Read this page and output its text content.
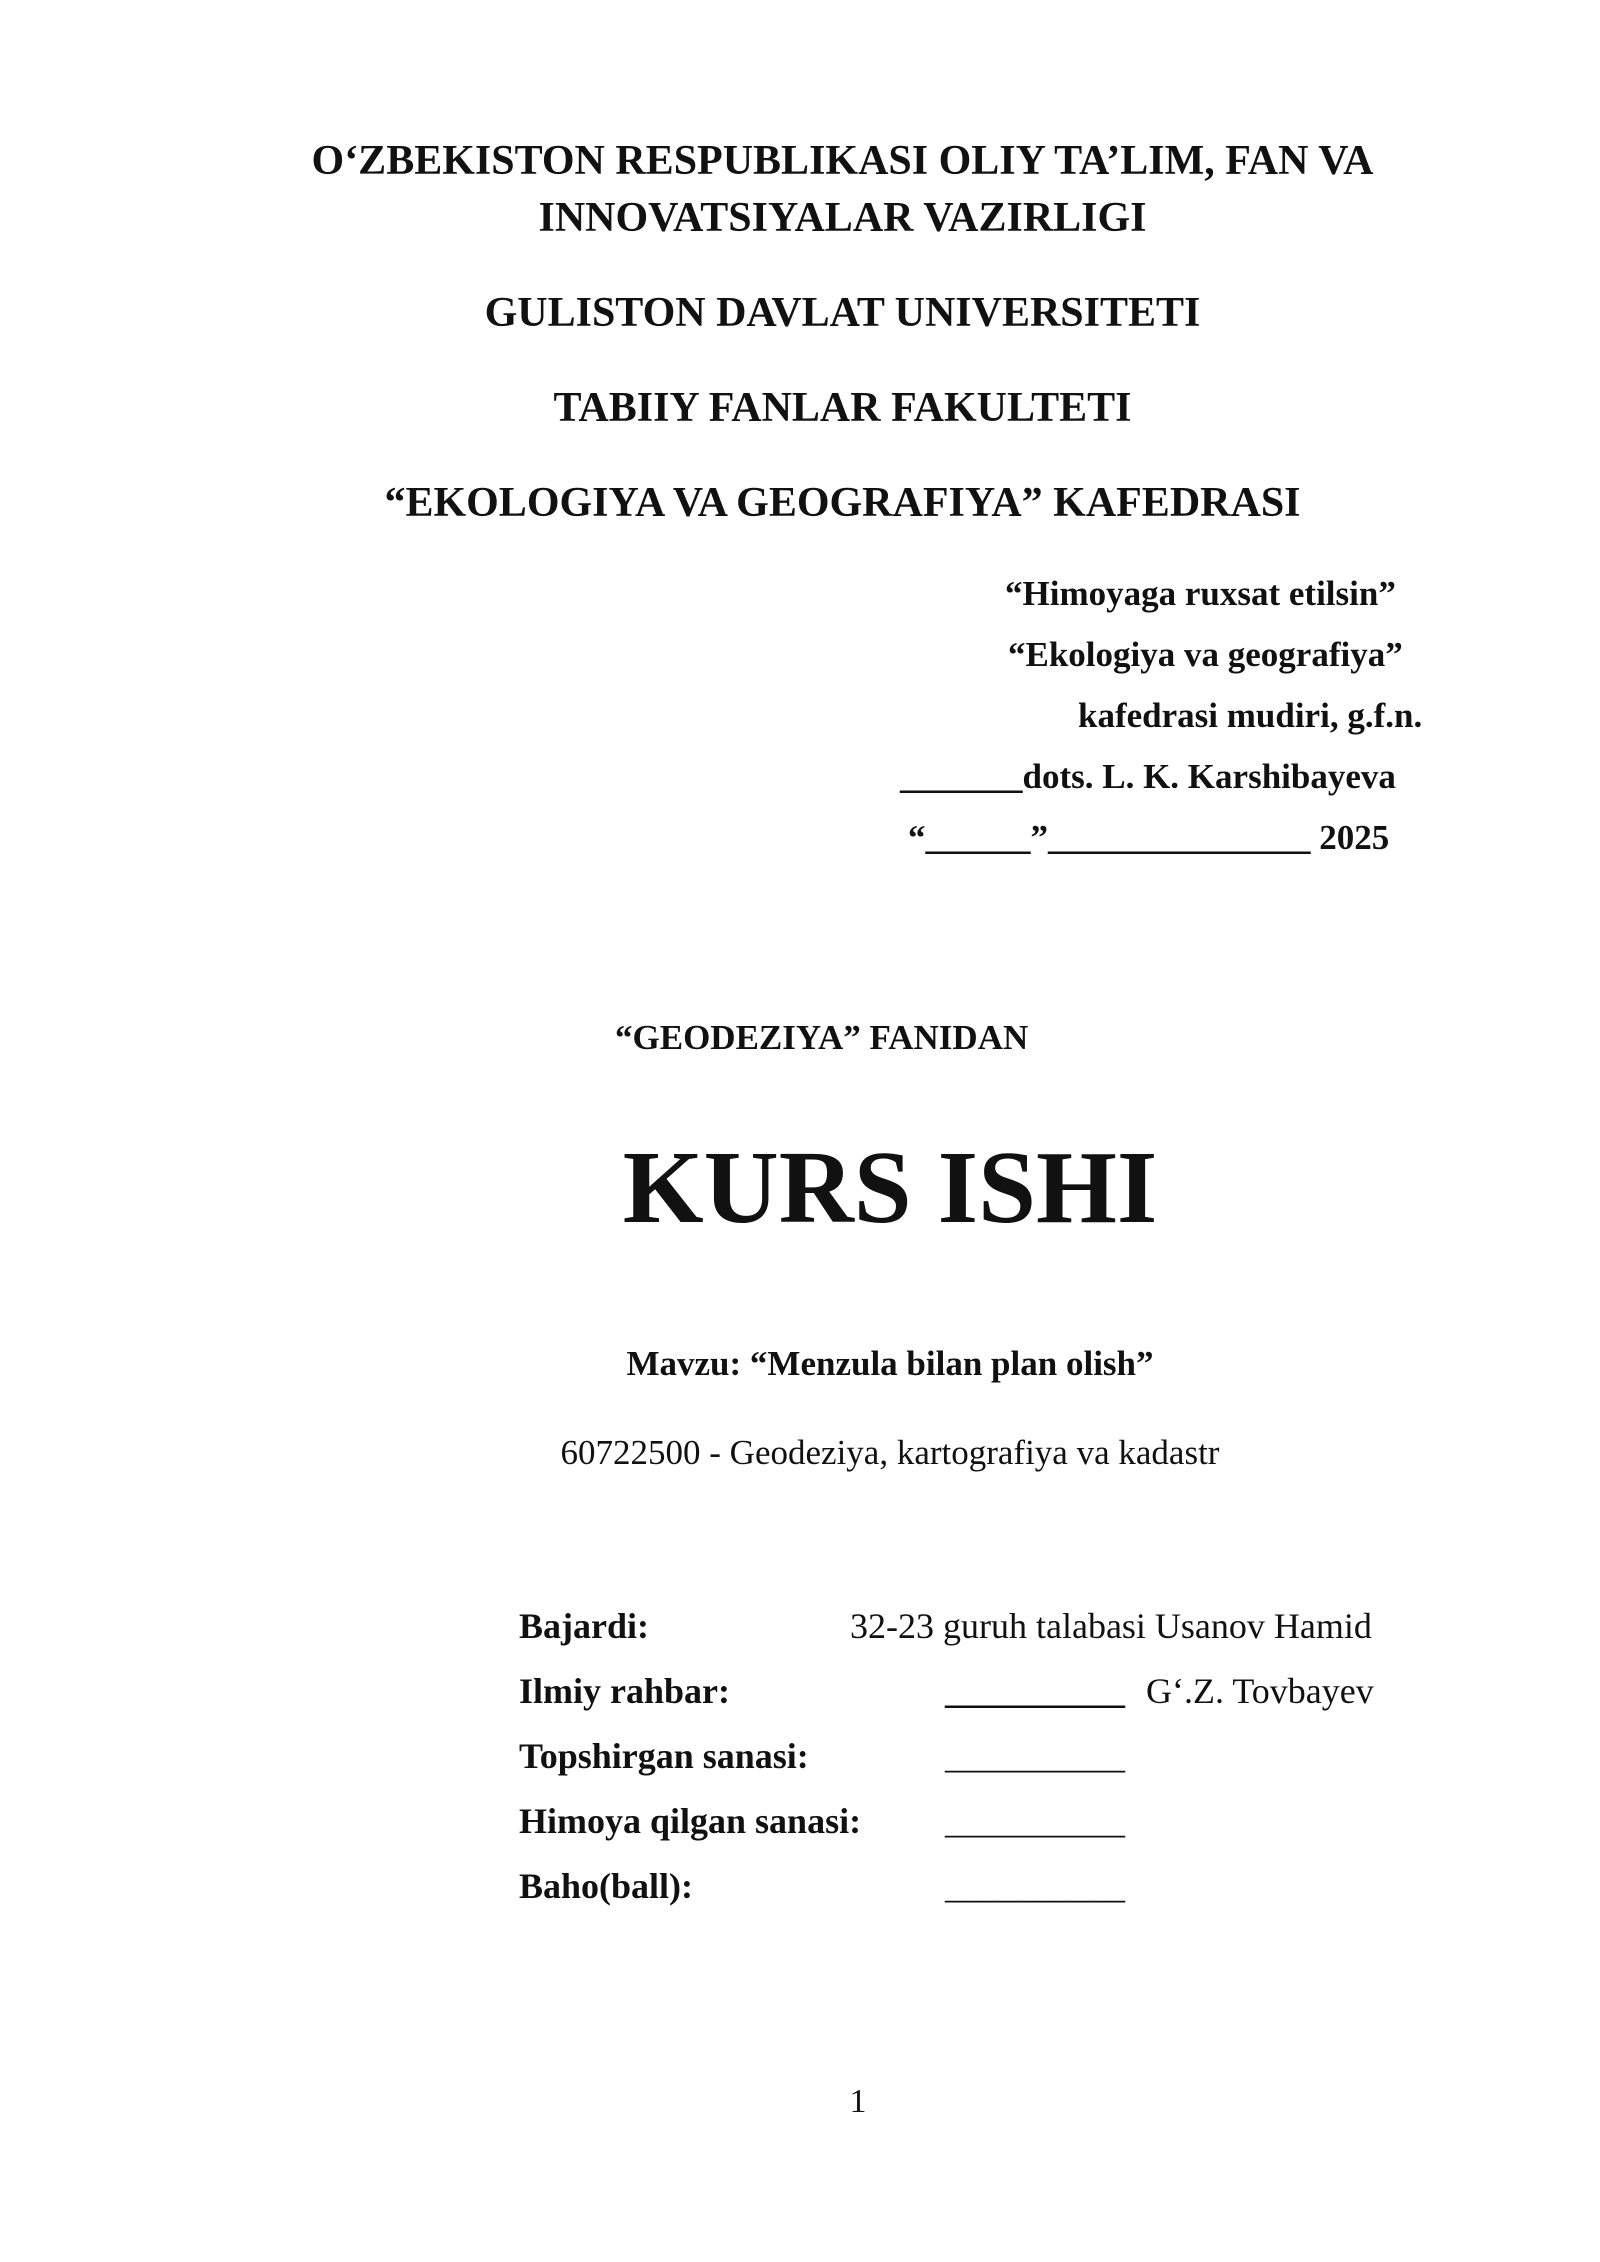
O‘ZBEKISTON RESPUBLIKASI OLIY TA’LIM, FAN VA
INNOVATSIYALAR VAZIRLIGI
GULISTON DAVLAT UNIVERSITETI
TABIIY FANLAR FAKULTETI
“EKOLOGIYA VA GEOGRAFIYA” KAFEDRASI
“Himoyaga ruxsat etilsin”
“Ekologiya va geografiya”
kafedrasi mudiri, g.f.n.
_______dots. L. K. Karshibayeva
“______”_______________ 2025
“GEODEZIYA” FANIDAN
KURS ISHI
Mavzu: “Menzula bilan plan olish”
60722500 - Geodeziya, kartografiya va kadastr
Bajardi:	32-23 guruh talabasi Usanov Hamid
Ilmiy rahbar:	__________ G‘.Z. Tovbayev
Topshirgan sanasi:	__________
Himoya qilgan sanasi: __________
Baho(ball):	__________
1
